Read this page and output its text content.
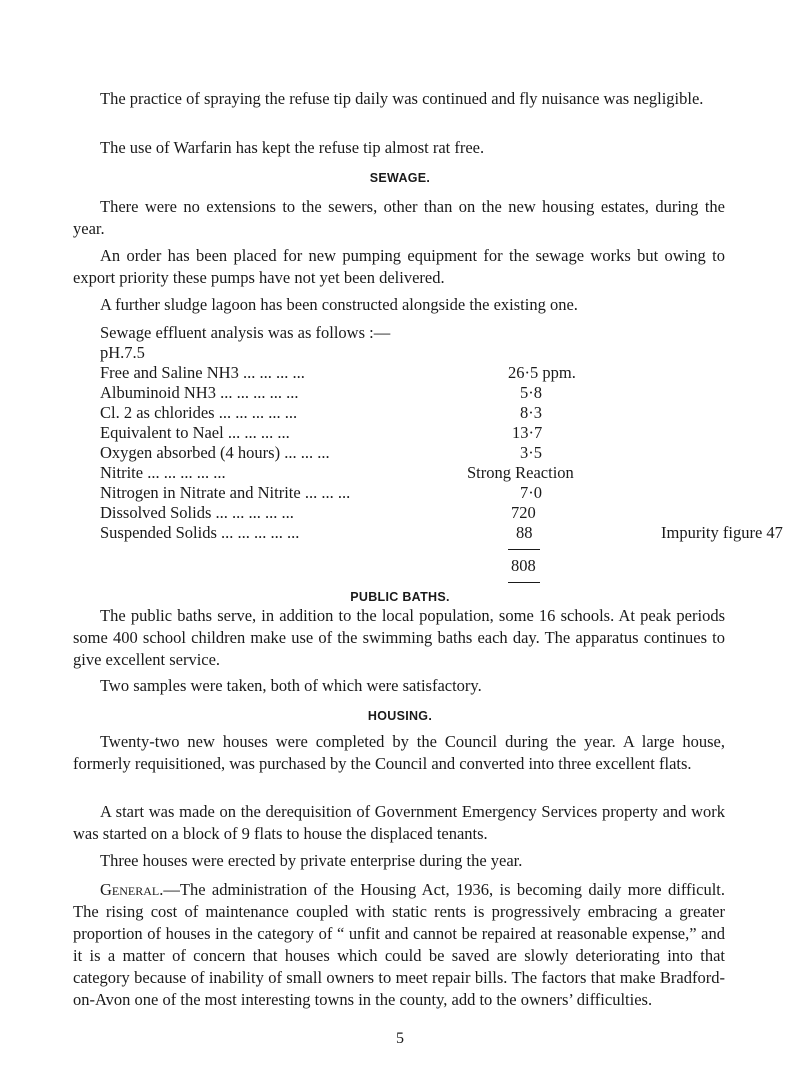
The practice of spraying the refuse tip daily was continued and fly nuisance was negligible.

The use of Warfarin has kept the refuse tip almost rat free.

SEWAGE.

There were no extensions to the sewers, other than on the new housing estates, during the year.

An order has been placed for new pumping equipment for the sewage works but owing to export priority these pumps have not yet been delivered.

A further sludge lagoon has been constructed alongside the existing one.

Sewage effluent analysis was as follows :—

pH.7.5
Free and Saline NH3 ... ... ... ...	26·5 ppm.
Albuminoid NH3 ... ... ... ... ...	5·8
Cl. 2 as chlorides ... ... ... ... ...	8·3
Equivalent to Nael ... ... ... ...	13·7
Oxygen absorbed (4 hours) ... ... ...	3·5
Nitrite ... ... ... ... ...	Strong Reaction
Nitrogen in Nitrate and Nitrite ... ... ...	7·0
Dissolved Solids ... ... ... ... ...	720
Suspended Solids ... ... ... ... ...	88	Impurity figure 47
808
PUBLIC BATHS.

The public baths serve, in addition to the local population, some 16 schools. At peak periods some 400 school children make use of the swimming baths each day. The apparatus continues to give excellent service.

Two samples were taken, both of which were satisfactory.

HOUSING.

Twenty-two new houses were completed by the Council during the year. A large house, formerly requisitioned, was purchased by the Council and converted into three excellent flats.

A start was made on the derequisition of Government Emergency Services property and work was started on a block of 9 flats to house the displaced tenants.

Three houses were erected by private enterprise during the year.

General.—The administration of the Housing Act, 1936, is becoming daily more difficult. The rising cost of maintenance coupled with static rents is progressively embracing a greater proportion of houses in the category of “ unfit and cannot be repaired at reasonable expense,” and it is a matter of concern that houses which could be saved are slowly deteriorating into that category because of inability of small owners to meet repair bills. The factors that make Bradford-on-Avon one of the most interesting towns in the county, add to the owners’ difficulties.

5
